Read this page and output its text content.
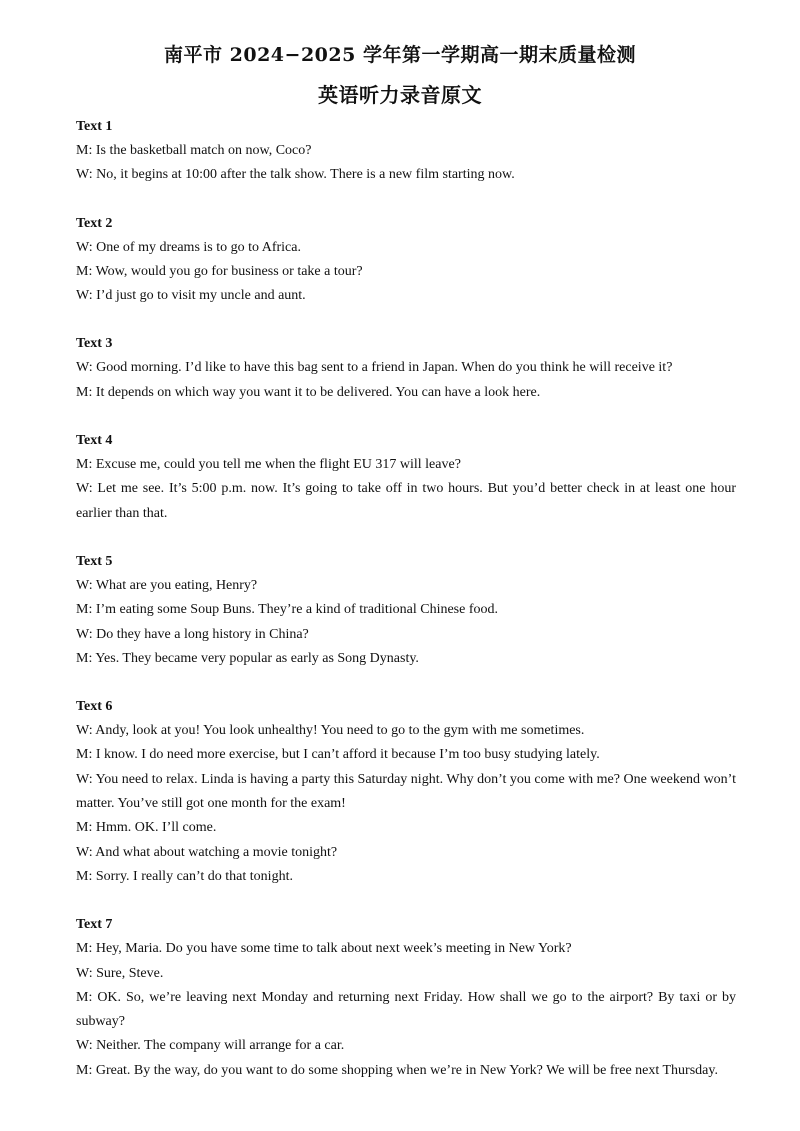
南平市 2024−2025 学年第一学期高一期末质量检测
英语听力录音原文
Text 1
M: Is the basketball match on now, Coco?
W: No, it begins at 10:00 after the talk show. There is a new film starting now.
Text 2
W: One of my dreams is to go to Africa.
M: Wow, would you go for business or take a tour?
W: I’d just go to visit my uncle and aunt.
Text 3
W: Good morning. I’d like to have this bag sent to a friend in Japan. When do you think he will receive it?
M: It depends on which way you want it to be delivered. You can have a look here.
Text 4
M: Excuse me, could you tell me when the flight EU 317 will leave?
W: Let me see. It’s 5:00 p.m. now. It’s going to take off in two hours. But you’d better check in at least one hour earlier than that.
Text 5
W: What are you eating, Henry?
M: I’m eating some Soup Buns. They’re a kind of traditional Chinese food.
W: Do they have a long history in China?
M: Yes. They became very popular as early as Song Dynasty.
Text 6
W: Andy, look at you! You look unhealthy! You need to go to the gym with me sometimes.
M: I know. I do need more exercise, but I can’t afford it because I’m too busy studying lately.
W: You need to relax. Linda is having a party this Saturday night. Why don’t you come with me? One weekend won’t matter. You’ve still got one month for the exam!
M: Hmm. OK. I’ll come.
W: And what about watching a movie tonight?
M: Sorry. I really can’t do that tonight.
Text 7
M: Hey, Maria. Do you have some time to talk about next week’s meeting in New York?
W: Sure, Steve.
M: OK. So, we’re leaving next Monday and returning next Friday. How shall we go to the airport? By taxi or by subway?
W: Neither. The company will arrange for a car.
M: Great. By the way, do you want to do some shopping when we’re in New York? We will be free next Thursday.
